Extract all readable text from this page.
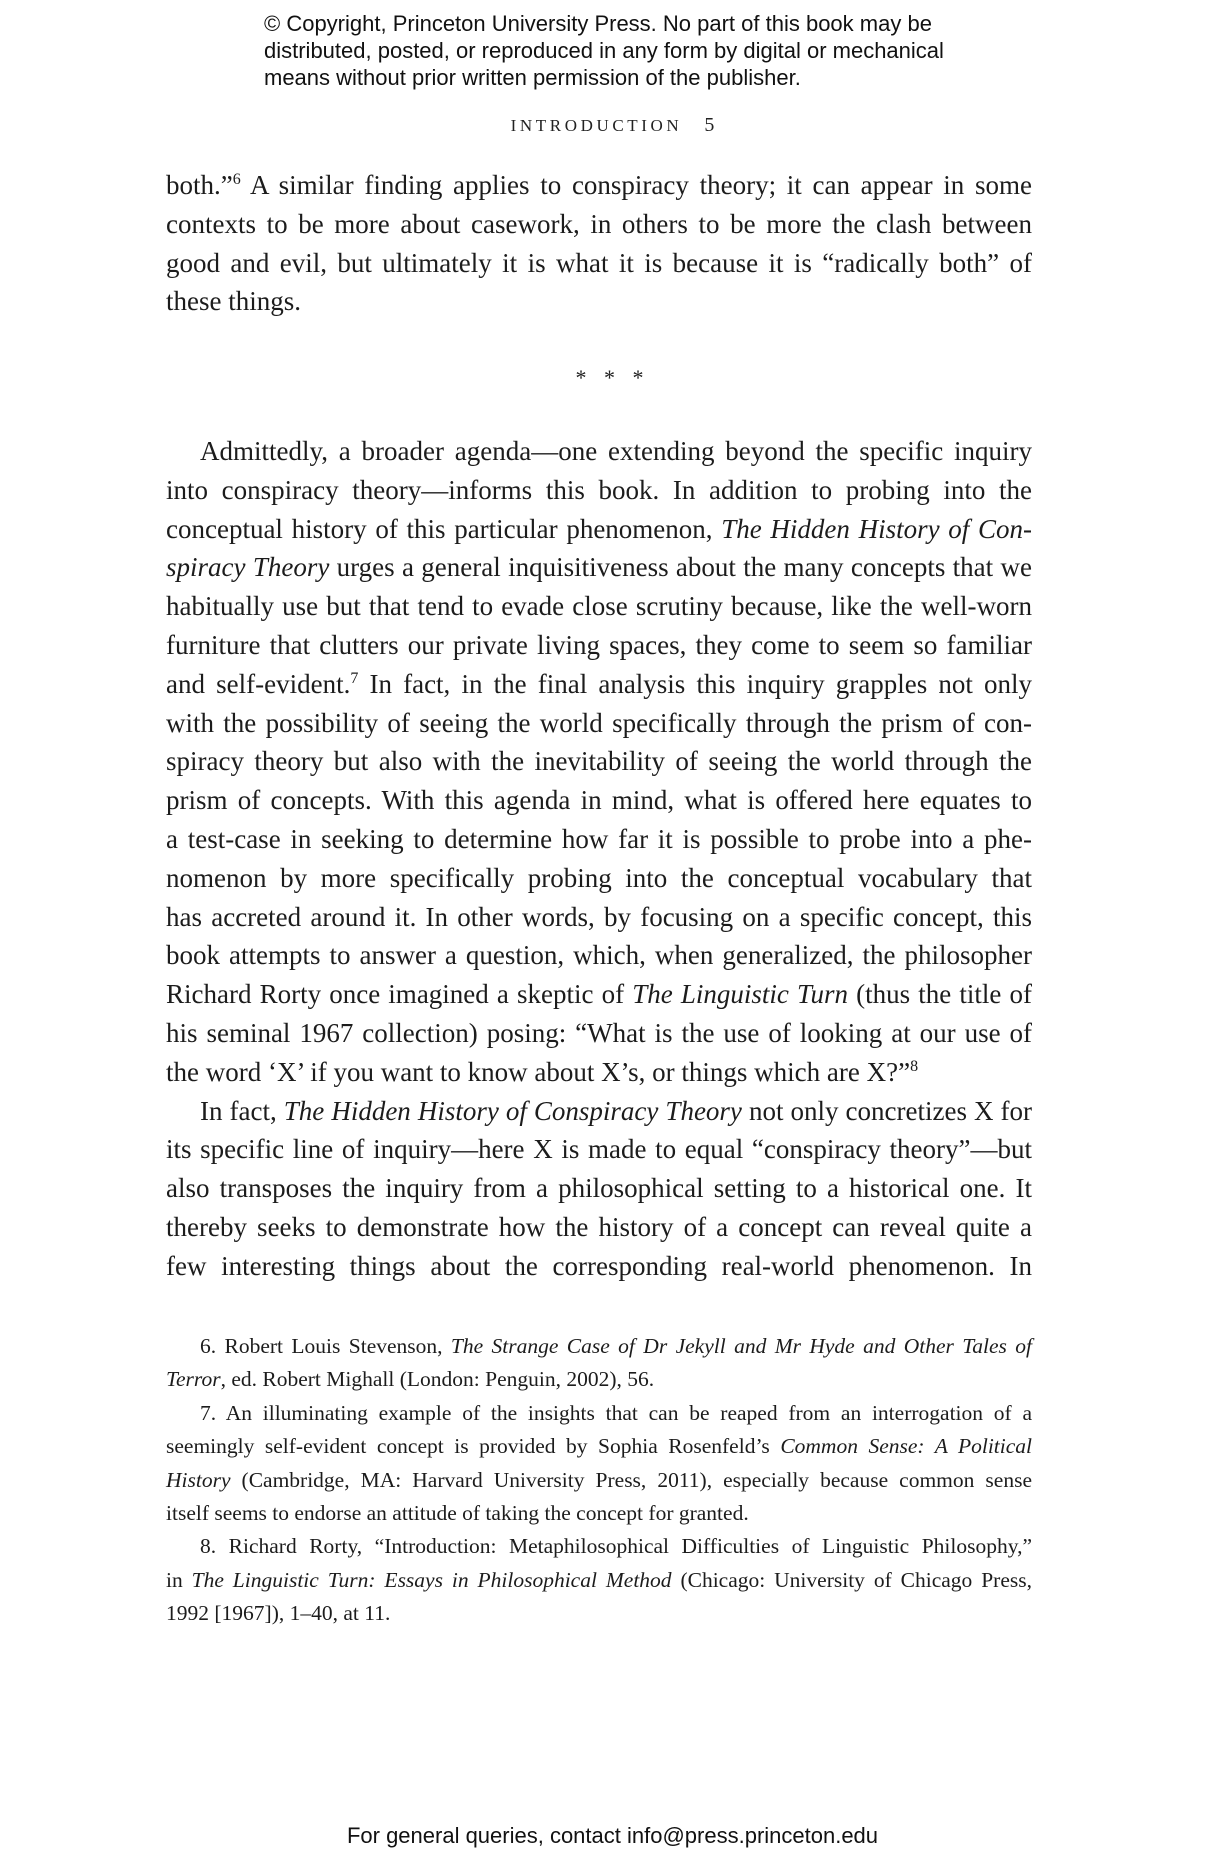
© Copyright, Princeton University Press. No part of this book may be
distributed, posted, or reproduced in any form by digital or mechanical
means without prior written permission of the publisher.
INTRODUCTION 5
both.”$^6$ A similar finding applies to conspiracy theory; it can appear in some
contexts to be more about casework, in others to be more the clash between
good and evil, but ultimately it is what it is because it is “radically both” of
these things.
* * *
Admittedly, a broader agenda—one extending beyond the specific inquiry
into conspiracy theory—informs this book. In addition to probing into the
conceptual history of this particular phenomenon, The Hidden History of Con-
spiracy Theory urges a general inquisitiveness about the many concepts that we
habitually use but that tend to evade close scrutiny because, like the well-worn
furniture that clutters our private living spaces, they come to seem so familiar
and self-evident.$^7$ In fact, in the final analysis this inquiry grapples not only
with the possibility of seeing the world specifically through the prism of con-
spiracy theory but also with the inevitability of seeing the world through the
prism of concepts. With this agenda in mind, what is offered here equates to
a test-case in seeking to determine how far it is possible to probe into a phe-
nomenon by more specifically probing into the conceptual vocabulary that
has accreted around it. In other words, by focusing on a specific concept, this
book attempts to answer a question, which, when generalized, the philosopher
Richard Rorty once imagined a skeptic of The Linguistic Turn (thus the title of
his seminal 1967 collection) posing: “What is the use of looking at our use of
the word ‘X’ if you want to know about X’s, or things which are X?”$^8$
In fact, The Hidden History of Conspiracy Theory not only concretizes X for
its specific line of inquiry—here X is made to equal “conspiracy theory”—but
also transposes the inquiry from a philosophical setting to a historical one. It
thereby seeks to demonstrate how the history of a concept can reveal quite a
few interesting things about the corresponding real-world phenomenon. In
6. Robert Louis Stevenson, The Strange Case of Dr Jekyll and Mr Hyde and Other Tales of
Terror, ed. Robert Mighall (London: Penguin, 2002), 56.
7. An illuminating example of the insights that can be reaped from an interrogation of a
seemingly self-evident concept is provided by Sophia Rosenfeld’s Common Sense: A Political
History (Cambridge, MA: Harvard University Press, 2011), especially because common sense
itself seems to endorse an attitude of taking the concept for granted.
8. Richard Rorty, “Introduction: Metaphilosophical Difficulties of Linguistic Philosophy,”
in The Linguistic Turn: Essays in Philosophical Method (Chicago: University of Chicago Press,
1992 [1967]), 1–40, at 11.
For general queries, contact info@press.princeton.edu
